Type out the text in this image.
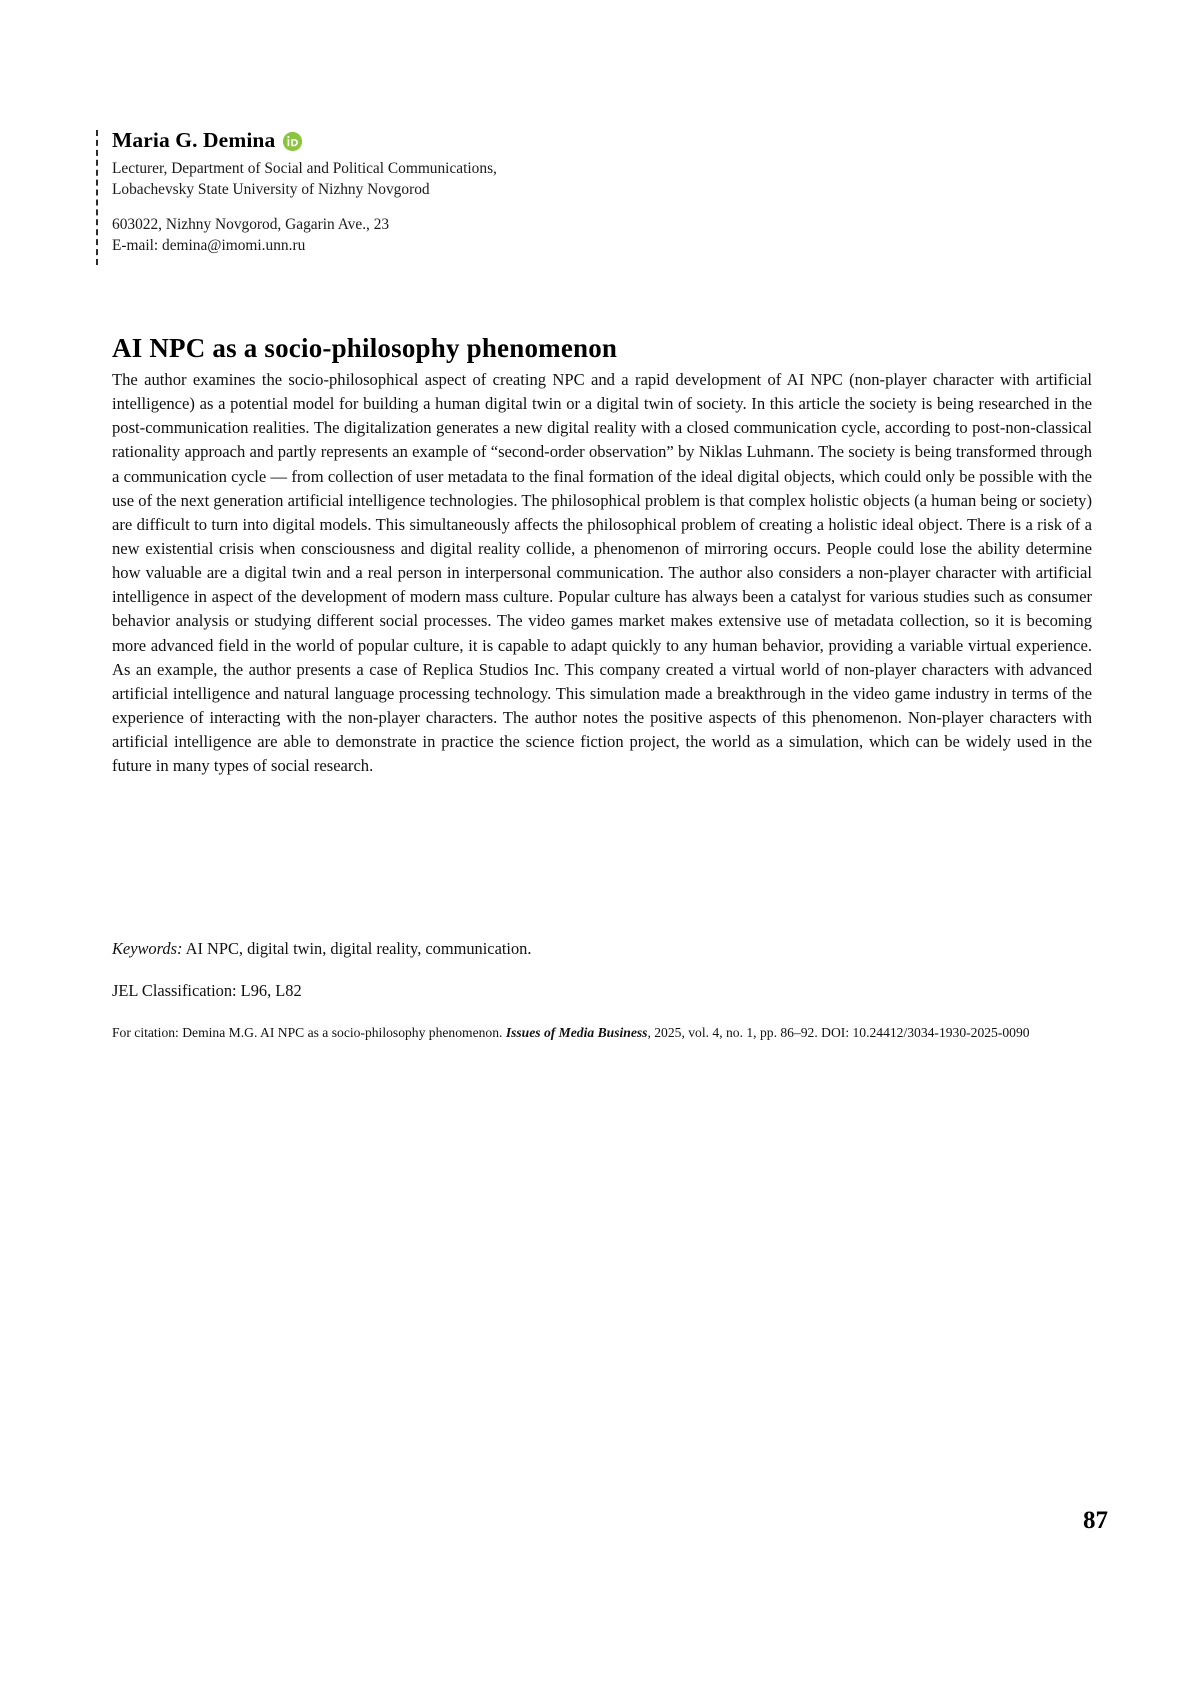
Maria G. Demina
Lecturer, Department of Social and Political Communications,
Lobachevsky State University of Nizhny Novgorod
603022, Nizhny Novgorod, Gagarin Ave., 23
E-mail: demina@imomi.unn.ru
AI NPC as a socio-philosophy phenomenon
The author examines the socio-philosophical aspect of creating NPC and a rapid development of AI NPC (non-player character with artificial intelligence) as a potential model for building a human digital twin or a digital twin of society. In this article the society is being researched in the post-communication realities. The digitalization generates a new digital reality with a closed communication cycle, according to post-non-classical rationality approach and partly represents an example of “second-order observation” by Niklas Luhmann. The society is being transformed through a communication cycle — from collection of user metadata to the final formation of the ideal digital objects, which could only be possible with the use of the next generation artificial intelligence technologies. The philosophical problem is that complex holistic objects (a human being or society) are difficult to turn into digital models. This simultaneously affects the philosophical problem of creating a holistic ideal object. There is a risk of a new existential crisis when consciousness and digital reality collide, a phenomenon of mirroring occurs. People could lose the ability determine how valuable are a digital twin and a real person in interpersonal communication. The author also considers a non-player character with artificial intelligence in aspect of the development of modern mass culture. Popular culture has always been a catalyst for various studies such as consumer behavior analysis or studying different social processes. The video games market makes extensive use of metadata collection, so it is becoming more advanced field in the world of popular culture, it is capable to adapt quickly to any human behavior, providing a variable virtual experience. As an example, the author presents a case of Replica Studios Inc. This company created a virtual world of non-player characters with advanced artificial intelligence and natural language processing technology. This simulation made a breakthrough in the video game industry in terms of the experience of interacting with the non-player characters. The author notes the positive aspects of this phenomenon. Non-player characters with artificial intelligence are able to demonstrate in practice the science fiction project, the world as a simulation, which can be widely used in the future in many types of social research.
Keywords: AI NPC, digital twin, digital reality, communication.
JEL Classification: L96, L82
For citation: Demina M.G. AI NPC as a socio-philosophy phenomenon. Issues of Media Business, 2025, vol. 4, no. 1, pp. 86–92. DOI: 10.24412/3034-1930-2025-0090
87
